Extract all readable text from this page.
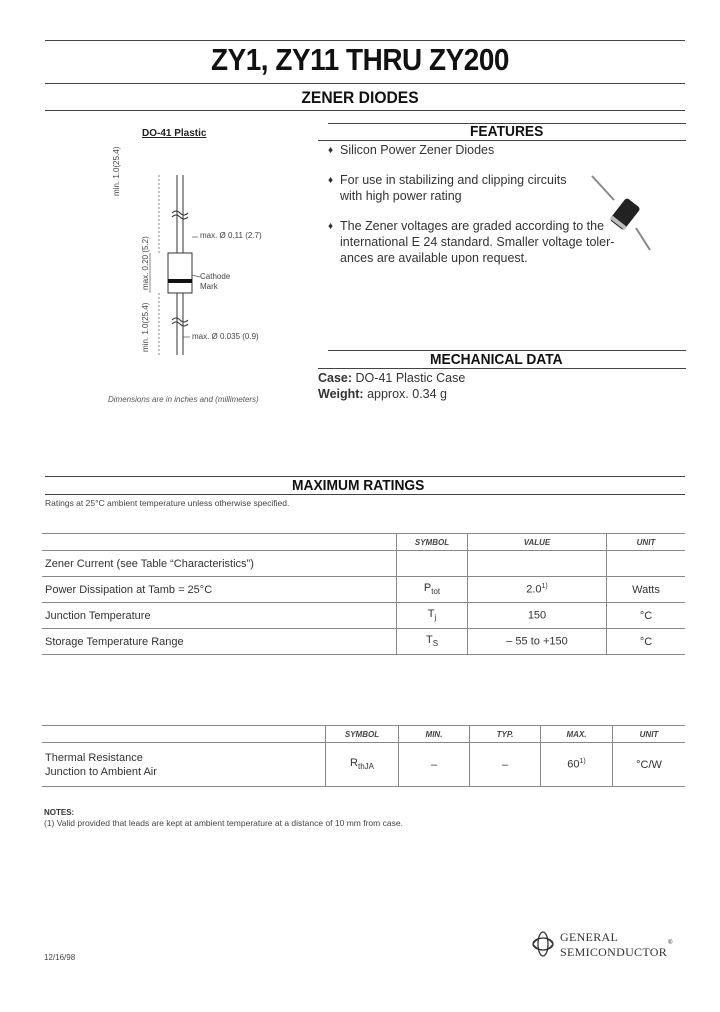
ZY1, ZY11 THRU ZY200
ZENER DIODES
DO-41 Plastic
min. 1.0(25.4)
max. 0.20 (5.2)
min. 1.0(25.4)
max. Ø 0.11 (2.7)
Cathode
Mark
max. Ø 0.035 (0.9)
Dimensions are in inches and (millimeters)
FEATURES
♦ Silicon Power Zener Diodes
♦ For use in stabilizing and clipping circuits
with high power rating
♦ The Zener voltages are graded according to the
international E 24 standard. Smaller voltage toler-
ances are available upon request.
MECHANICAL DATA
Case: DO-41 Plastic Case
Weight: approx. 0.34 g
MAXIMUM RATINGS
Ratings at 25°C ambient temperature unless otherwise specified.
	SYMBOL	VALUE	UNIT
Zener Current (see Table “Characteristics”)			
Power Dissipation at Tamb = 25°C	$P_{tot}$	2.0$^{1)}$	Watts
Junction Temperature	$T_j$	150	°C
Storage Temperature Range	$T_S$	– 55 to +150	°C
	SYMBOL	MIN.	TYP.	MAX.	UNIT

Thermal Resistance
Junction to Ambient Air	$R_{thJA}$	–	–	60$^{1)}$	°C/W
NOTES:
(1) Valid provided that leads are kept at ambient temperature at a distance of 10 mm from case.
12/16/98
GENERAL
SEMICONDUCTOR
®
